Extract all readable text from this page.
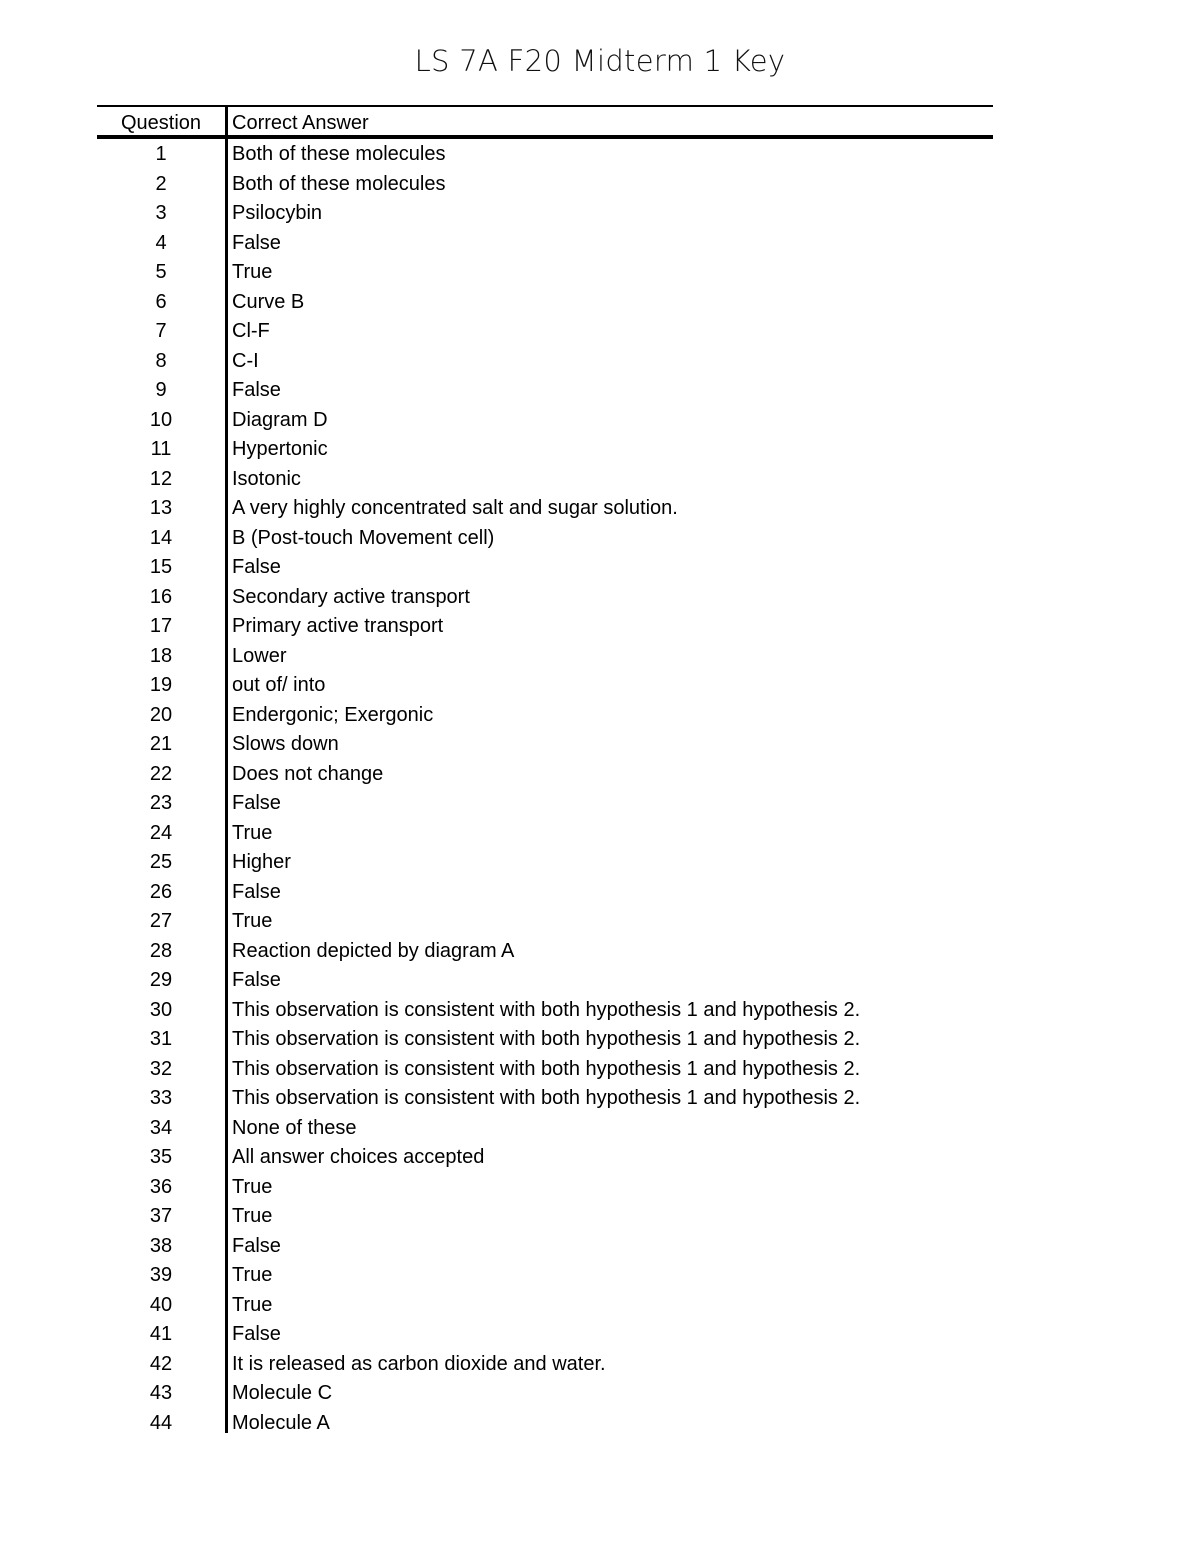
LS 7A F20 Midterm 1 Key
Question	Correct Answer
1	Both of these molecules
2	Both of these molecules
3	Psilocybin
4	False
5	True
6	Curve B
7	Cl-F
8	C-I
9	False
10	Diagram D
11	Hypertonic
12	Isotonic
13	A very highly concentrated salt and sugar solution.
14	B (Post-touch Movement cell)
15	False
16	Secondary active transport
17	Primary active transport
18	Lower
19	out of/ into
20	Endergonic; Exergonic
21	Slows down
22	Does not change
23	False
24	True
25	Higher
26	False
27	True
28	Reaction depicted by diagram A
29	False
30	This observation is consistent with both hypothesis 1 and hypothesis 2.
31	This observation is consistent with both hypothesis 1 and hypothesis 2.
32	This observation is consistent with both hypothesis 1 and hypothesis 2.
33	This observation is consistent with both hypothesis 1 and hypothesis 2.
34	None of these
35	All answer choices accepted
36	True
37	True
38	False
39	True
40	True
41	False
42	It is released as carbon dioxide and water.
43	Molecule C
44	Molecule A
